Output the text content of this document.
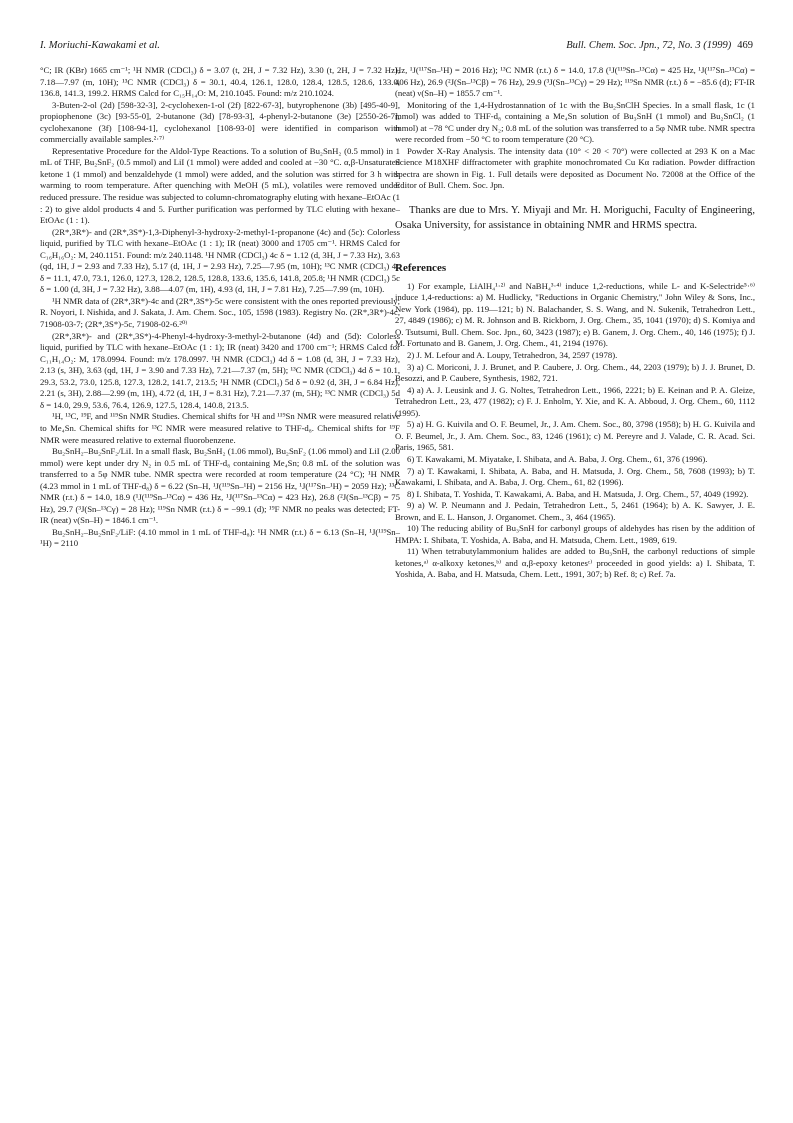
I. Moriuchi-Kawakami et al.	Bull. Chem. Soc. Jpn., 72, No. 3 (1999) 469

°C; IR (KBr) 1665 cm⁻¹; ¹H NMR (CDCl₃) δ = 3.07 (t, 2H, J = 7.32 Hz), 3.30 (t, 2H, J = 7.32 Hz), 7.18—7.97 (m, 10H); ¹³C NMR (CDCl₃) δ = 30.1, 40.4, 126.1, 128.0, 128.4, 128.5, 128.6, 133.0, 136.8, 141.3, 199.2. HRMS Calcd for C₁₅H₁₄O: M, 210.1045. Found: m/z 210.1024.

3-Buten-2-ol (2d) [598-32-3], 2-cyclohexen-1-ol (2f) [822-67-3], butyrophenone (3b) [495-40-9], propiophenone (3c) [93-55-0], 2-butanone (3d) [78-93-3], 4-phenyl-2-butanone (3e) [2550-26-7], cyclohexanone (3f) [108-94-1], cyclohexanol [108-93-0] were identified in comparison with commercially available samples.²·⁷⁾

Representative Procedure for the Aldol-Type Reactions. To a solution of Bu₂SnH₂ (0.5 mmol) in 1 mL of THF, Bu₂SnF₂ (0.5 mmol) and LiI (1 mmol) were added and cooled at −30 °C. α,β-Unsaturated ketone 1 (1 mmol) and benzaldehyde (1 mmol) were added, and the solution was stirred for 3 h with warming to room temperature. After quenching with MeOH (5 mL), volatiles were removed under reduced pressure. The residue was subjected to column-chromatography eluting with hexane–EtOAc (1 : 2) to give aldol products 4 and 5. Further purification was performed by TLC eluting with hexane–EtOAc (1 : 1).

(2R*,3R*)- and (2R*,3S*)-1,3-Diphenyl-3-hydroxy-2-methyl-1-propanone (4c) and (5c): Colorless liquid, purified by TLC with hexane–EtOAc (1 : 1); IR (neat) 3000 and 1705 cm⁻¹. HRMS Calcd for C₁₆H₁₆O₂: M, 240.1151. Found: m/z 240.1148. ¹H NMR (CDCl₃) 4c δ = 1.12 (d, 3H, J = 7.33 Hz), 3.63 (qd, 1H, J = 2.93 and 7.33 Hz), 5.17 (d, 1H, J = 2.93 Hz), 7.25—7.95 (m, 10H); ¹³C NMR (CDCl₃) 4c δ = 11.1, 47.0, 73.1, 126.0, 127.3, 128.2, 128.5, 128.8, 133.6, 135.6, 141.8, 205.8; ¹H NMR (CDCl₃) 5c δ = 1.00 (d, 3H, J = 7.32 Hz), 3.88—4.07 (m, 1H), 4.93 (d, 1H, J = 7.81 Hz), 7.25—7.99 (m, 10H).

¹H NMR data of (2R*,3R*)-4c and (2R*,3S*)-5c were consistent with the ones reported previously; R. Noyori, I. Nishida, and J. Sakata, J. Am. Chem. Soc., 105, 1598 (1983). Registry No. (2R*,3R*)-4c, 71908-03-7; (2R*,3S*)-5c, 71908-02-6.²⁰⁾

(2R*,3R*)- and (2R*,3S*)-4-Phenyl-4-hydroxy-3-methyl-2-butanone (4d) and (5d): Colorless liquid, purified by TLC with hexane–EtOAc (1 : 1); IR (neat) 3420 and 1700 cm⁻¹; HRMS Calcd for C₁₁H₁₄O₂: M, 178.0994. Found: m/z 178.0997. ¹H NMR (CDCl₃) 4d δ = 1.08 (d, 3H, J = 7.33 Hz), 2.13 (s, 3H), 3.63 (qd, 1H, J = 3.90 and 7.33 Hz), 7.21—7.37 (m, 5H); ¹³C NMR (CDCl₃) 4d δ = 10.1, 29.3, 53.2, 73.0, 125.8, 127.3, 128.2, 141.7, 213.5; ¹H NMR (CDCl₃) 5d δ = 0.92 (d, 3H, J = 6.84 Hz), 2.21 (s, 3H), 2.88—2.99 (m, 1H), 4.72 (d, 1H, J = 8.31 Hz), 7.21—7.37 (m, 5H); ¹³C NMR (CDCl₃) 5d δ = 14.0, 29.9, 53.6, 76.4, 126.9, 127.5, 128.4, 140.8, 213.5.

¹H, ¹³C, ¹⁹F, and ¹¹⁹Sn NMR Studies. Chemical shifts for ¹H and ¹¹⁹Sn NMR were measured relative to Me₄Sn. Chemical shifts for ¹³C NMR were measured relative to THF-d₈. Chemical shifts for ¹⁹F NMR were measured relative to external fluorobenzene.

Bu₂SnH₂–Bu₂SnF₂/LiI. In a small flask, Bu₂SnH₂ (1.06 mmol), Bu₂SnF₂ (1.06 mmol) and LiI (2.00 mmol) were kept under dry N₂ in 0.5 mL of THF-d₈ containing Me₄Sn; 0.8 mL of the solution was transferred to a 5φ NMR tube. NMR spectra were recorded at room temperature (24 °C); ¹H NMR (4.23 mmol in 1 mL of THF-d₈) δ = 6.22 (Sn–H, ¹J(¹¹⁹Sn–¹H) = 2156 Hz, ¹J(¹¹⁷Sn–¹H) = 2059 Hz); ¹³C NMR (r.t.) δ = 14.0, 18.9 (¹J(¹¹⁹Sn–¹³Cα) = 436 Hz, ¹J(¹¹⁷Sn–¹³Cα) = 423 Hz), 26.8 (²J(Sn–¹³Cβ) = 75 Hz), 29.7 (³J(Sn–¹³Cγ) = 28 Hz); ¹¹⁹Sn NMR (r.t.) δ = −99.1 (d); ¹⁹F NMR no peaks was detected; FT-IR (neat) ν(Sn–H) = 1846.1 cm⁻¹.

Bu₂SnH₂–Bu₂SnF₂/LiF: (4.10 mmol in 1 mL of THF-d₈): ¹H NMR (r.t.) δ = 6.13 (Sn–H, ¹J(¹¹⁹Sn–¹H) = 2110

Hz, ¹J(¹¹⁷Sn–¹H) = 2016 Hz); ¹³C NMR (r.t.) δ = 14.0, 17.8 (¹J(¹¹⁹Sn–¹³Cα) = 425 Hz, ¹J(¹¹⁷Sn–¹³Cα) = 406 Hz), 26.9 (²J(Sn–¹³Cβ) = 76 Hz), 29.9 (³J(Sn–¹³Cγ) = 29 Hz); ¹¹⁹Sn NMR (r.t.) δ = −85.6 (d); FT-IR (neat) ν(Sn–H) = 1855.7 cm⁻¹.

Monitoring of the 1,4-Hydrostannation of 1c with the Bu₂SnClH Species. In a small flask, 1c (1 mmol) was added to THF-d₈ containing a Me₄Sn solution of Bu₃SnH (1 mmol) and Bu₂SnCl₂ (1 mmol) at −78 °C under dry N₂; 0.8 mL of the solution was transferred to a 5φ NMR tube. NMR spectra were recorded from −50 °C to room temperature (20 °C).

Powder X-Ray Analysis. The intensity data (10° < 2θ < 70°) were collected at 293 K on a Mac Science M18XHF diffractometer with graphite monochromated Cu Kα radiation. Powder diffraction spectra are shown in Fig. 1. Full details were deposited as Document No. 72008 at the Office of the Editor of Bull. Chem. Soc. Jpn.

Thanks are due to Mrs. Y. Miyaji and Mr. H. Moriguchi, Faculty of Engineering, Osaka University, for assistance in obtaining NMR and HRMS spectra.

References
1) For example, LiAlH₄¹·²⁾ and NaBH₄³·⁴⁾ induce 1,2-reductions, while L- and K-Selectride⁵·⁶⁾ induce 1,4-reductions: a) M. Hudlicky, "Reductions in Organic Chemistry," John Wiley & Sons, Inc., New York (1984), pp. 119—121; b) N. Balachander, S. S. Wang, and N. Sukenik, Tetrahedron Lett., 27, 4849 (1986); c) M. R. Johnson and B. Rickborn, J. Org. Chem., 35, 1041 (1970); d) S. Komiya and O. Tsutsumi, Bull. Chem. Soc. Jpn., 60, 3423 (1987); e) B. Ganem, J. Org. Chem., 40, 146 (1975); f) J. M. Fortunato and B. Ganem, J. Org. Chem., 41, 2194 (1976).
2) J. M. Lefour and A. Loupy, Tetrahedron, 34, 2597 (1978).
3) a) C. Moriconi, J. J. Brunet, and P. Caubere, J. Org. Chem., 44, 2203 (1979); b) J. J. Brunet, D. Besozzi, and P. Caubere, Synthesis, 1982, 721.
4) a) A. J. Leusink and J. G. Noltes, Tetrahedron Lett., 1966, 2221; b) E. Keinan and P. A. Gleize, Tetrahedron Lett., 23, 477 (1982); c) F. J. Enholm, Y. Xie, and K. A. Abboud, J. Org. Chem., 60, 1112 (1995).
5) a) H. G. Kuivila and O. F. Beumel, Jr., J. Am. Chem. Soc., 80, 3798 (1958); b) H. G. Kuivila and O. F. Beumel, Jr., J. Am. Chem. Soc., 83, 1246 (1961); c) M. Pereyre and J. Valade, C. R. Acad. Sci. Paris, 1965, 581.
6) T. Kawakami, M. Miyatake, I. Shibata, and A. Baba, J. Org. Chem., 61, 376 (1996).
7) a) T. Kawakami, I. Shibata, A. Baba, and H. Matsuda, J. Org. Chem., 58, 7608 (1993); b) T. Kawakami, I. Shibata, and A. Baba, J. Org. Chem., 61, 82 (1996).
8) I. Shibata, T. Yoshida, T. Kawakami, A. Baba, and H. Matsuda, J. Org. Chem., 57, 4049 (1992).
9) a) W. P. Neumann and J. Pedain, Tetrahedron Lett., 5, 2461 (1964); b) A. K. Sawyer, J. E. Brown, and E. L. Hanson, J. Organomet. Chem., 3, 464 (1965).
10) The reducing ability of Bu₃SnH for carbonyl groups of aldehydes has risen by the addition of HMPA: I. Shibata, T. Yoshida, A. Baba, and H. Matsuda, Chem. Lett., 1989, 619.
11) When tetrabutylammonium halides are added to Bu₃SnH, the carbonyl reductions of simple ketones,ᵃ⁾ α-alkoxy ketones,ᵇ⁾ and α,β-epoxy ketonesᶜ⁾ proceeded in good yields: a) I. Shibata, T. Yoshida, A. Baba, and H. Matsuda, Chem. Lett., 1991, 307; b) Ref. 8; c) Ref. 7a.
